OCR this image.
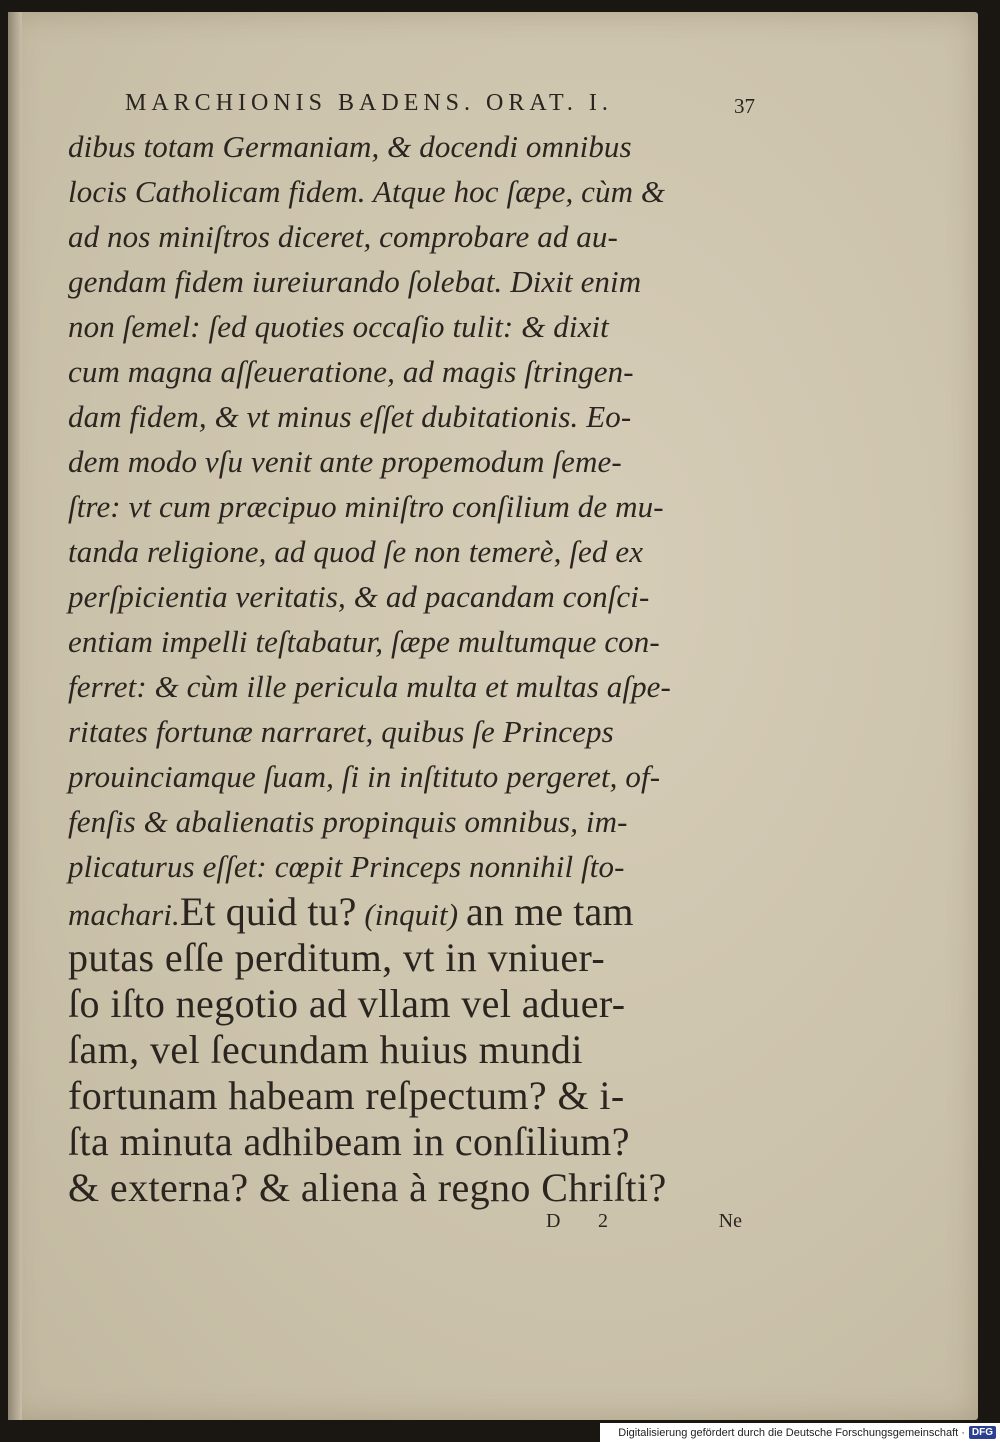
MARCHIONIS BADENS. ORAT. I.	37
dibus totam Germaniam, & docendi omnibus
locis Catholicam fidem. Atque hoc ſæpe, cùm &
ad nos miniſtros diceret, comprobare ad au-
gendam fidem iureiurando ſolebat. Dixit enim
non ſemel: ſed quoties occaſio tulit: & dixit
cum magna aſſeueratione, ad magis ſtringen-
dam fidem, & vt minus eſſet dubitationis. Eo-
dem modo vſu venit ante propemodum ſeme-
ſtre: vt cum præcipuo miniſtro conſilium de mu-
tanda religione, ad quod ſe non temerè, ſed ex
perſpicientia veritatis, & ad pacandam conſci-
entiam impelli teſtabatur, ſæpe multumque con-
ferret: & cùm ille pericula multa et multas aſpe-
ritates fortunæ narraret, quibus ſe Princeps
prouinciamque ſuam, ſi in inſtituto pergeret, of-
fenſis & abalienatis propinquis omnibus, im-
plicaturus eſſet: cœpit Princeps nonnihil ſto-
machari.Et quid tu? (inquit) an me tam
putas eſſe perditum, vt in vniuer-
ſo iſto negotio ad vllam vel aduer-
ſam, vel ſecundam huius mundi
fortunam habeam reſpectum? & i-
ſta minuta adhibeam in conſilium?
& externa? & aliena à regno Chriſti?
D 2	Ne
Digitalisierung gefördert durch die Deutsche Forschungsgemeinschaft · DFG
